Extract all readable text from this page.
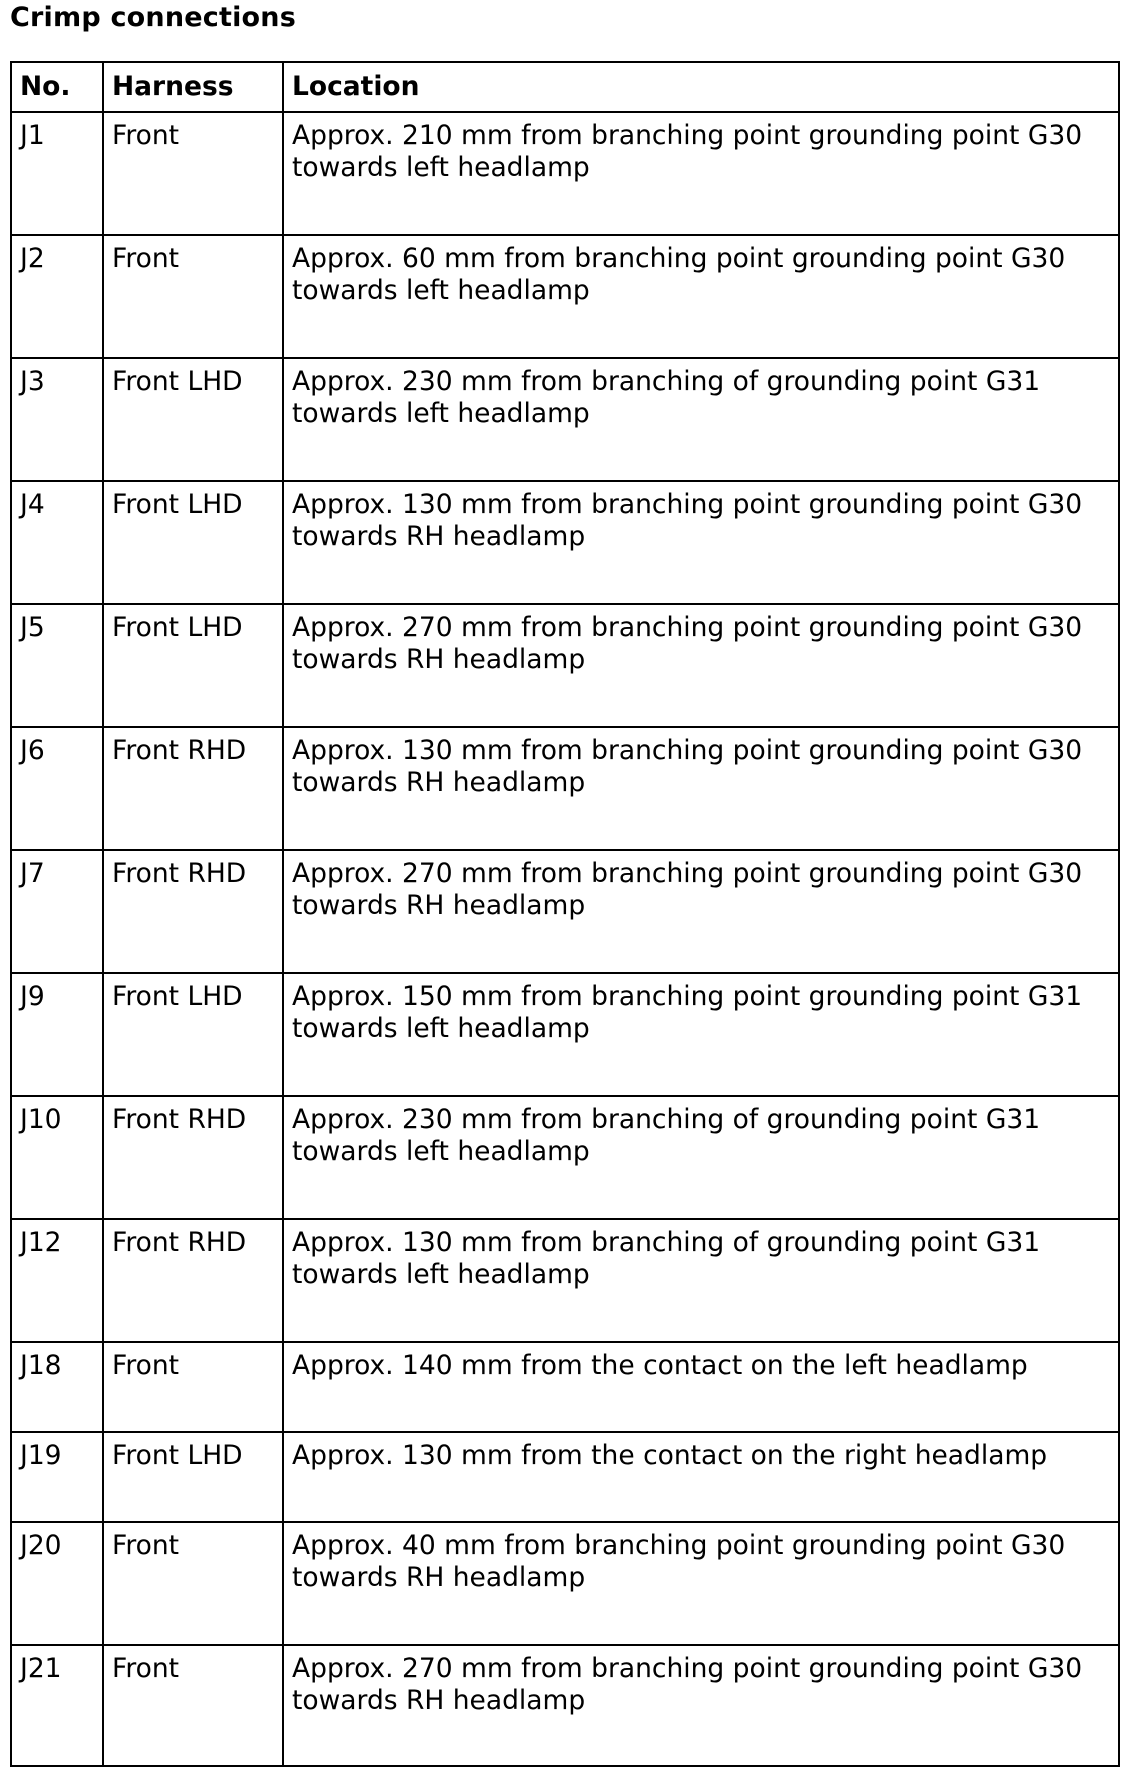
Crimp connections
No.	Harness	Location
J1	Front	Approx. 210 mm from branching point grounding point G30 towards left headlamp
J2	Front	Approx. 60 mm from branching point grounding point G30 towards left headlamp
J3	Front LHD	Approx. 230 mm from branching of grounding point G31 towards left headlamp
J4	Front LHD	Approx. 130 mm from branching point grounding point G30 towards RH headlamp
J5	Front LHD	Approx. 270 mm from branching point grounding point G30 towards RH headlamp
J6	Front RHD	Approx. 130 mm from branching point grounding point G30 towards RH headlamp
J7	Front RHD	Approx. 270 mm from branching point grounding point G30 towards RH headlamp
J9	Front LHD	Approx. 150 mm from branching point grounding point G31 towards left headlamp
J10	Front RHD	Approx. 230 mm from branching of grounding point G31 towards left headlamp
J12	Front RHD	Approx. 130 mm from branching of grounding point G31 towards left headlamp
J18	Front	Approx. 140 mm from the contact on the left headlamp
J19	Front LHD	Approx. 130 mm from the contact on the right headlamp
J20	Front	Approx. 40 mm from branching point grounding point G30 towards RH headlamp
J21	Front	Approx. 270 mm from branching point grounding point G30 towards RH headlamp
